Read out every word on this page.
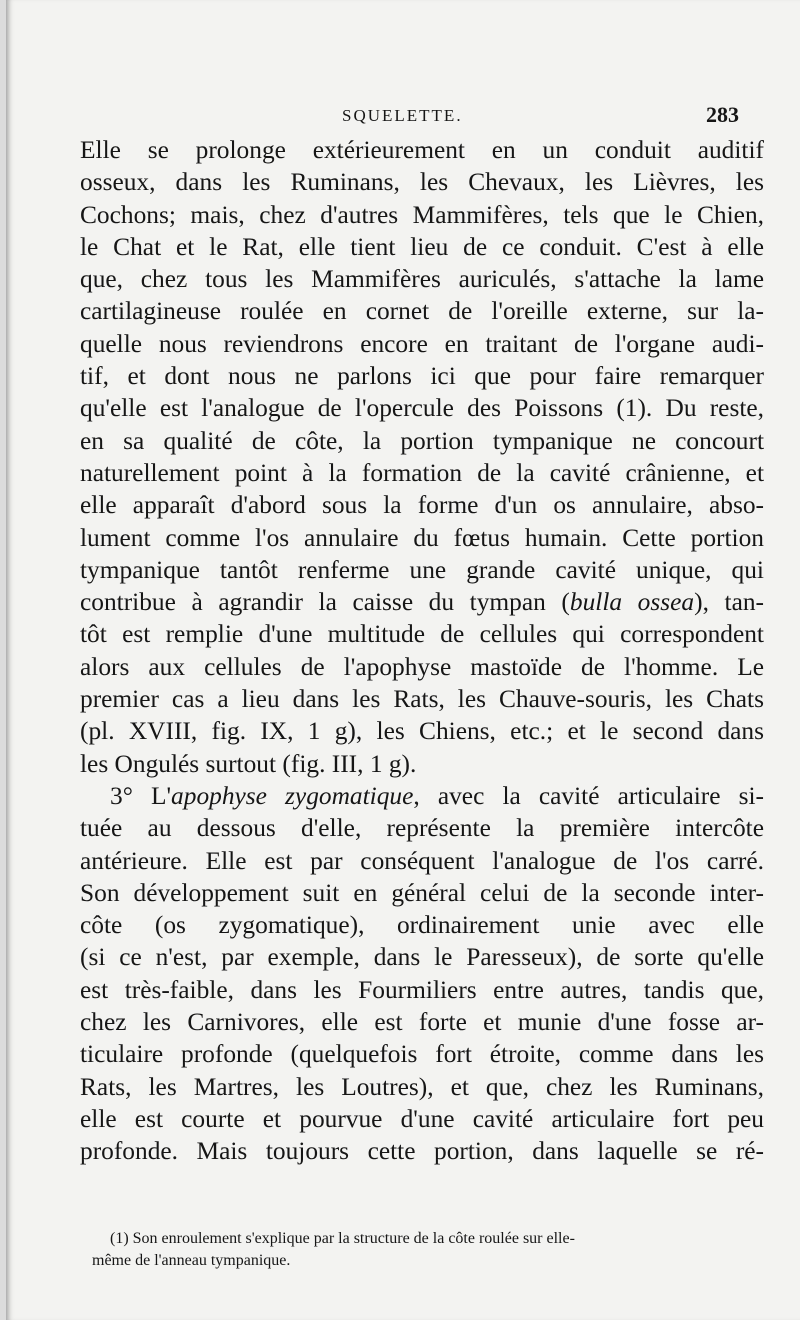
SQUELETTE.	283
Elle se prolonge extérieurement en un conduit auditif
osseux, dans les Ruminans, les Chevaux, les Lièvres, les
Cochons; mais, chez d'autres Mammifères, tels que le Chien,
le Chat et le Rat, elle tient lieu de ce conduit. C'est à elle
que, chez tous les Mammifères auriculés, s'attache la lame
cartilagineuse roulée en cornet de l'oreille externe, sur la-
quelle nous reviendrons encore en traitant de l'organe audi-
tif, et dont nous ne parlons ici que pour faire remarquer
qu'elle est l'analogue de l'opercule des Poissons (1). Du reste,
en sa qualité de côte, la portion tympanique ne concourt
naturellement point à la formation de la cavité crânienne, et
elle apparaît d'abord sous la forme d'un os annulaire, abso-
lument comme l'os annulaire du fœtus humain. Cette portion
tympanique tantôt renferme une grande cavité unique, qui
contribue à agrandir la caisse du tympan (bulla ossea), tan-
tôt est remplie d'une multitude de cellules qui correspondent
alors aux cellules de l'apophyse mastoïde de l'homme. Le
premier cas a lieu dans les Rats, les Chauve-souris, les Chats
(pl. XVIII, fig. IX, 1 g), les Chiens, etc.; et le second dans
les Ongulés surtout (fig. III, 1 g).
3° L'apophyse zygomatique, avec la cavité articulaire si-
tuée au dessous d'elle, représente la première intercôte
antérieure. Elle est par conséquent l'analogue de l'os carré.
Son développement suit en général celui de la seconde inter-
côte (os zygomatique), ordinairement unie avec elle
(si ce n'est, par exemple, dans le Paresseux), de sorte qu'elle
est très-faible, dans les Fourmiliers entre autres, tandis que,
chez les Carnivores, elle est forte et munie d'une fosse ar-
ticulaire profonde (quelquefois fort étroite, comme dans les
Rats, les Martres, les Loutres), et que, chez les Ruminans,
elle est courte et pourvue d'une cavité articulaire fort peu
profonde. Mais toujours cette portion, dans laquelle se ré-
(1) Son enroulement s'explique par la structure de la côte roulée sur elle-
même de l'anneau tympanique.
